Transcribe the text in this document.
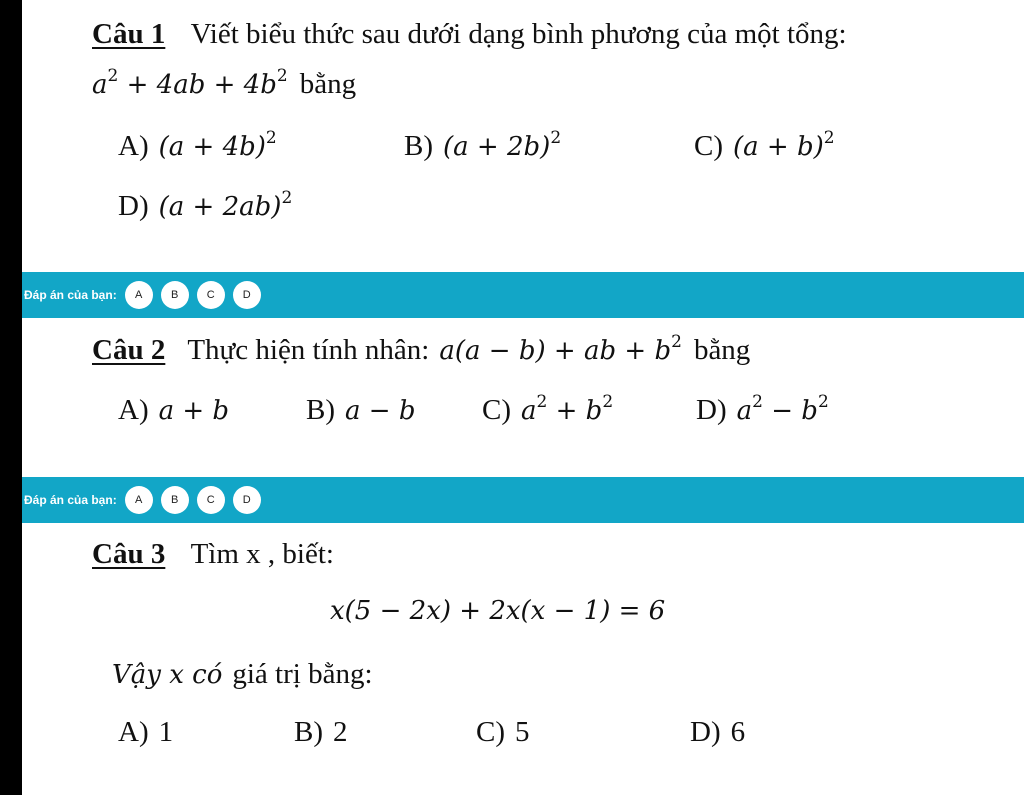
Câu 1 Viết biểu thức sau dưới dạng bình phương của một tổng:
$a^2 + 4ab + 4b^2$ bằng
A) $(a + 4b)^2$	B) $(a + 2b)^2$	C) $(a + b)^2$
D) $(a + 2ab)^2$
Đáp án của bạn:	A	B	C	D
Câu 2 Thực hiện tính nhân: a(a − b) + ab + $b^2$ bằng
A) a + b	B) a − b C) $a^2 + b^2$	D) $a^2 - b^2$
Đáp án của bạn:	A	B	C	D
Câu 3 Tìm x , biết:
x(5 − 2x) + 2x(x − 1) = 6
Vậy x có giá trị bằng:
A) 1	B) 2	C) 5	D) 6
